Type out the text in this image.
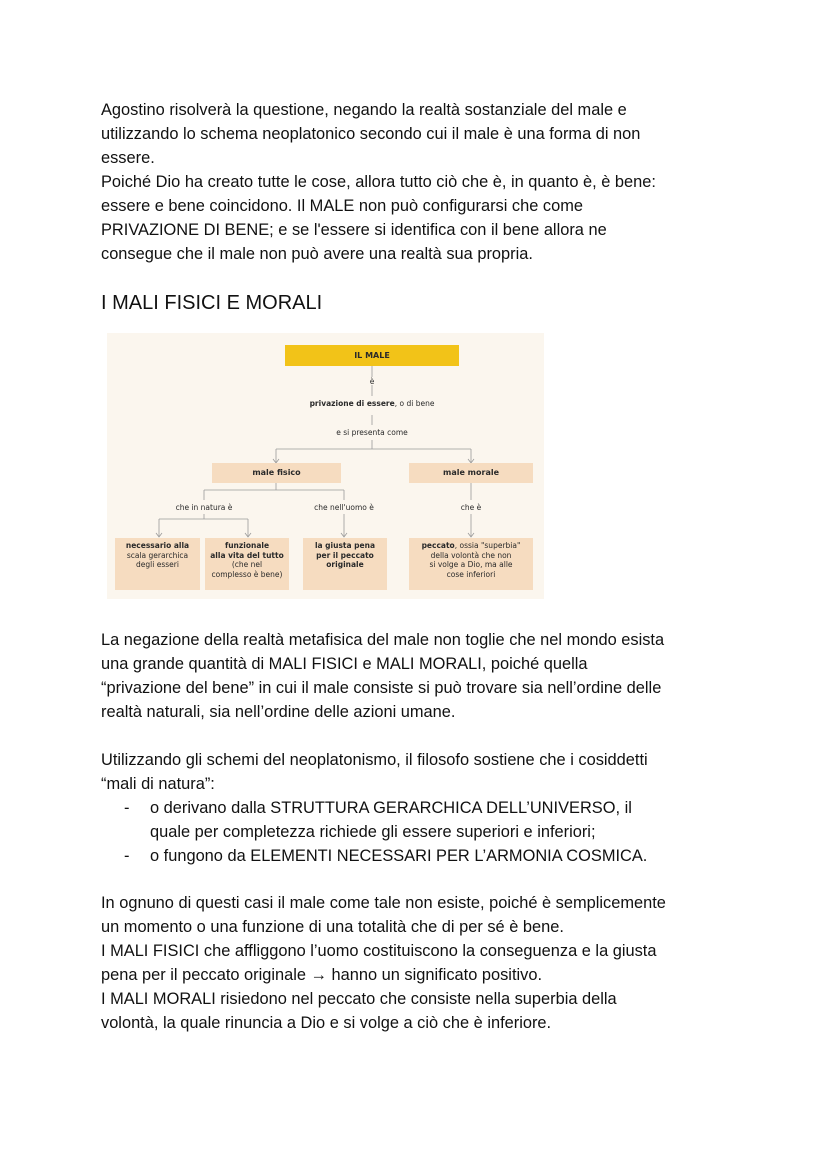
Agostino risolverà la questione, negando la realtà sostanziale del male e

utilizzando lo schema neoplatonico secondo cui il male è una forma di non

essere.

Poiché Dio ha creato tutte le cose, allora tutto ciò che è, in quanto è, è bene:

essere e bene coincidono. Il MALE non può configurarsi che come

PRIVAZIONE DI BENE; e se l'essere si identifica con il bene allora ne

consegue che il male non può avere una realtà sua propria.

I MALI FISICI E MORALI
IL MALE
è
privazione di essere, o di bene
e si presenta come
male fisico	male morale
che in natura è	che nell'uomo è	che è
necessario alla
scala gerarchica
degli esseri
funzionale
alla vita del tutto
(che nel
complesso è bene)
la giusta pena
per il peccato
originale
peccato, ossia "superbia"
della volontà che non
si volge a Dio, ma alle
cose inferiori

La negazione della realtà metafisica del male non toglie che nel mondo esista

una grande quantità di MALI FISICI e MALI MORALI, poiché quella

“privazione del bene” in cui il male consiste si può trovare sia nell’ordine delle

realtà naturali, sia nell’ordine delle azioni umane.

Utilizzando gli schemi del neoplatonismo, il filosofo sostiene che i cosiddetti

“mali di natura”:

- o derivano dalla STRUTTURA GERARCHICA DELL’UNIVERSO, il
quale per completezza richiede gli essere superiori e inferiori;
- o fungono da ELEMENTI NECESSARI PER L’ARMONIA COSMICA.

In ognuno di questi casi il male come tale non esiste, poiché è semplicemente

un momento o una funzione di una totalità che di per sé è bene.

I MALI FISICI che affliggono l’uomo costituiscono la conseguenza e la giusta

pena per il peccato originale → hanno un significato positivo.

I MALI MORALI risiedono nel peccato che consiste nella superbia della

volontà, la quale rinuncia a Dio e si volge a ciò che è inferiore.
